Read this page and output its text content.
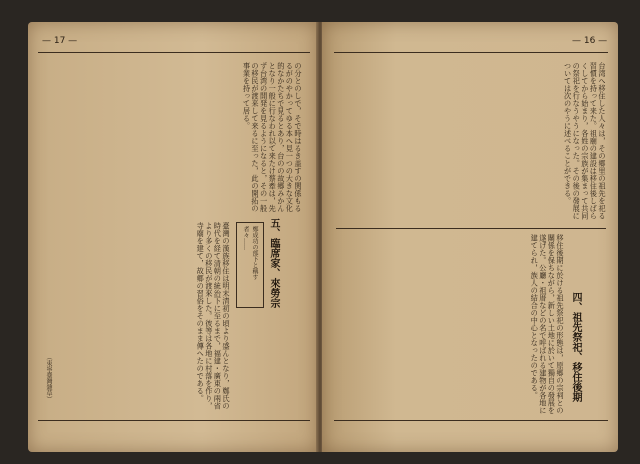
— 17 —
の分とのしで，そで時はるき盖すの関係もるるがのやかってゆる本へ見一つの大きな文化的なかたちで見るとあり，台のの故郷みかんとなり一般に行なわれ以て来たけ蔡牽は，先ず台湾の開発を見るようになると，その一般の移民が渡来して来るに至った，此の開拓の事業を持って居る。
五、臨席家、來勞宗
鄭成功の部下と稱す者々……
臺灣の漢族移住は明末清初の頃より盛んとなり，鄭氏の時代を経て清朝の統治下に至るまで，福建・廣東の兩省より多くの移民が渡來した。彼等は各地に村落を作り，寺廟を建て，故郷の習俗をそのまま傳へたのである。
（東寧臺灣雜草）
— 16 —
台湾へ移住した人々は，その郷里の祖先を祀る習慣を持って来た。祖廟の建設は移住後しばらくしてから始まり，各姓の宗族が集まって共同の祭祀を行なうやうになった。その後の發展については次のやうに述べることができる。
四、祖先祭祀、移住後期
移住後期に於ける祖先祭祀の形態は，原郷の宗祠との關係を保ちながら，新しい土地に於いて獨自の發展を遂げた。公廳・祖厝などの名で呼ばれる建物が各地に建てられ，族人の結合の中心となったのである。
